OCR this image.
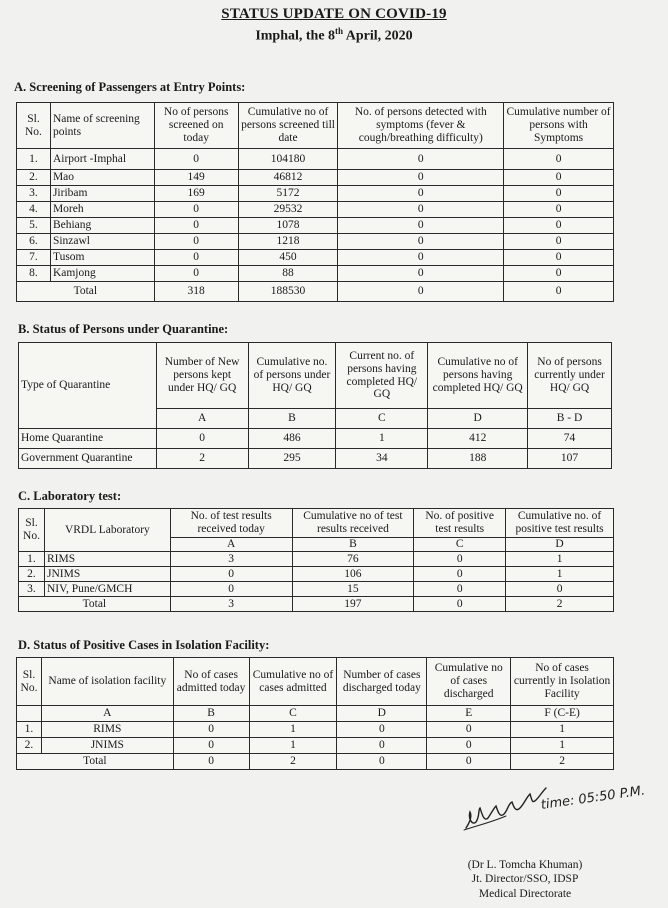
STATUS UPDATE ON COVID-19
Imphal, the 8th April, 2020
A. Screening of Passengers at Entry Points:
Sl. No.	Name of screening points	No of persons screened on today	Cumulative no of persons screened till date	No. of persons detected with symptoms (fever & cough/breathing difficulty)	Cumulative number of persons with Symptoms
1.	Airport -Imphal	0	104180	0	0
2.	Mao	149	46812	0	0
3.	Jiribam	169	5172	0	0
4.	Moreh	0	29532	0	0
5.	Behiang	0	1078	0	0
6.	Sinzawl	0	1218	0	0
7.	Tusom	0	450	0	0
8.	Kamjong	0	88	0	0
Total		318	188530	0	0
B. Status of Persons under Quarantine:
Type of Quarantine	Number of New persons kept under HQ/ GQ	Cumulative no. of persons under HQ/ GQ	Current no. of persons having completed HQ/ GQ	Cumulative no of persons having completed HQ/ GQ	No of persons currently under HQ/ GQ
	A	B	C	D	B - D
Home Quarantine	0	486	1	412	74
Government Quarantine	2	295	34	188	107
C. Laboratory test:
Sl. No.	VRDL Laboratory	No. of test results received today	Cumulative no of test results received	No. of positive test results	Cumulative no. of positive test results
		A	B	C	D
1.	RIMS	3	76	0	1
2.	JNIMS	0	106	0	1
3.	NIV, Pune/GMCH	0	15	0	0
Total		3	197	0	2
D. Status of Positive Cases in Isolation Facility:
Sl. No.	Name of isolation facility	No of cases admitted today	Cumulative no of cases admitted	Number of cases discharged today	Cumulative no of cases discharged	No of cases currently in Isolation Facility
	A	B	C	D	E	F (C-E)
1.	RIMS	0	1	0	0	1
2.	JNIMS	0	1	0	0	1
Total		0	2	0	0	2
time: 05:50 P.M.
(Dr L. Tomcha Khuman)
Jt. Director/SSO, IDSP
Medical Directorate
